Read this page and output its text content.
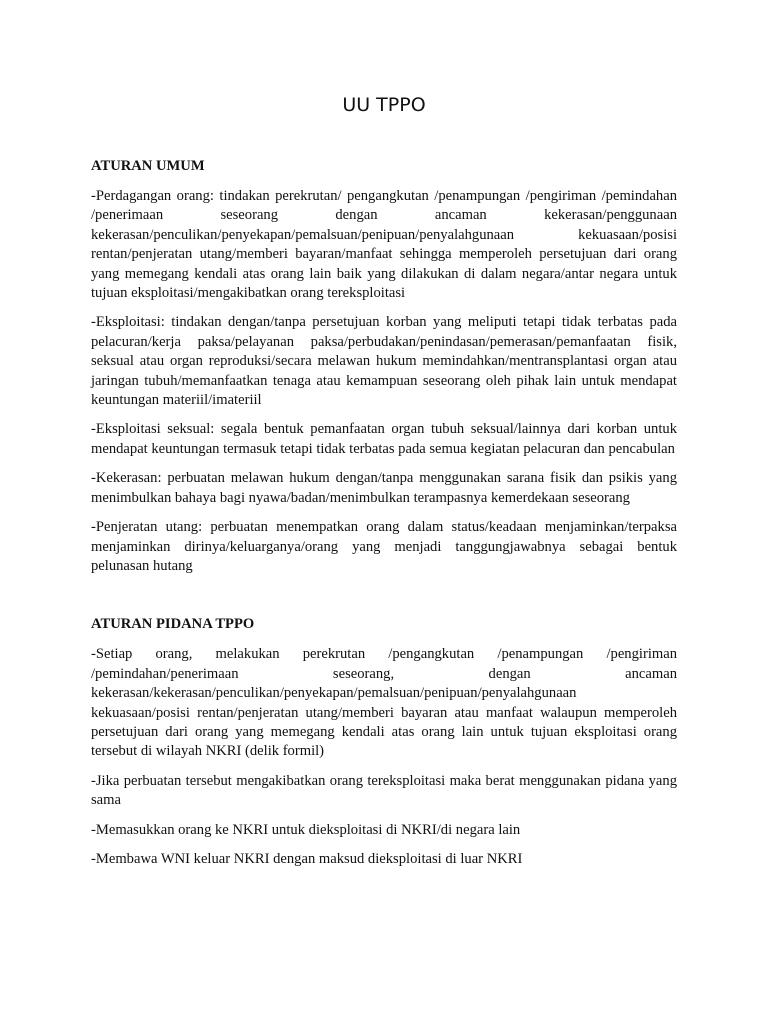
UU TPPO
ATURAN UMUM

-Perdagangan orang: tindakan perekrutan/ pengangkutan /penampungan /pengiriman /pemindahan /penerimaan seseorang dengan ancaman kekerasan/penggunaan kekerasan/penculikan/penyekapan/pemalsuan/penipuan/penyalahgunaan kekuasaan/posisi rentan/penjeratan utang/memberi bayaran/manfaat sehingga memperoleh persetujuan dari orang yang memegang kendali atas orang lain baik yang dilakukan di dalam negara/antar negara untuk tujuan eksploitasi/mengakibatkan orang tereksploitasi

-Eksploitasi: tindakan dengan/tanpa persetujuan korban yang meliputi tetapi tidak terbatas pada pelacuran/kerja paksa/pelayanan paksa/perbudakan/penindasan/pemerasan/pemanfaatan fisik, seksual atau organ reproduksi/secara melawan hukum memindahkan/mentransplantasi organ atau jaringan tubuh/memanfaatkan tenaga atau kemampuan seseorang oleh pihak lain untuk mendapat keuntungan materiil/imateriil

-Eksploitasi seksual: segala bentuk pemanfaatan organ tubuh seksual/lainnya dari korban untuk mendapat keuntungan termasuk tetapi tidak terbatas pada semua kegiatan pelacuran dan pencabulan

-Kekerasan: perbuatan melawan hukum dengan/tanpa menggunakan sarana fisik dan psikis yang menimbulkan bahaya bagi nyawa/badan/menimbulkan terampasnya kemerdekaan seseorang

-Penjeratan utang: perbuatan menempatkan orang dalam status/keadaan menjaminkan/terpaksa menjaminkan dirinya/keluarganya/orang yang menjadi tanggungjawabnya sebagai bentuk pelunasan hutang

ATURAN PIDANA TPPO

-Setiap orang, melakukan perekrutan /pengangkutan /penampungan /pengiriman /pemindahan/penerimaan seseorang, dengan ancaman kekerasan/kekerasan/penculikan/penyekapan/pemalsuan/penipuan/penyalahgunaan kekuasaan/posisi rentan/penjeratan utang/memberi bayaran atau manfaat walaupun memperoleh persetujuan dari orang yang memegang kendali atas orang lain untuk tujuan eksploitasi orang tersebut di wilayah NKRI (delik formil)

-Jika perbuatan tersebut mengakibatkan orang tereksploitasi maka berat menggunakan pidana yang sama

-Memasukkan orang ke NKRI untuk dieksploitasi di NKRI/di negara lain

-Membawa WNI keluar NKRI dengan maksud dieksploitasi di luar NKRI
